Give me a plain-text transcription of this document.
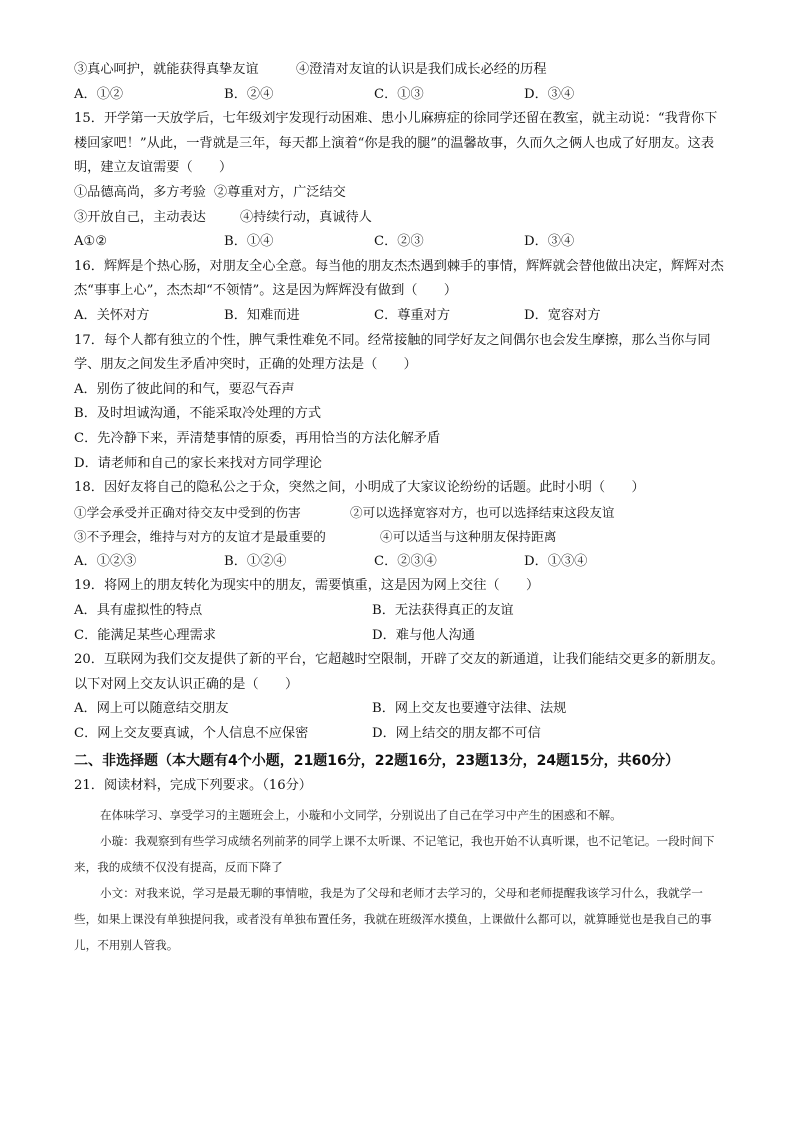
③真心呵护，就能获得真挚友谊	④澄清对友谊的认识是我们成长必经的历程
A．①②	B．②④	C．①③	D．③④
15．开学第一天放学后，七年级刘宇发现行动困难、患小儿麻痹症的徐同学还留在教室，就主动说：“我背你下楼回家吧！”从此，一背就是三年，每天都上演着“你是我的腿”的温馨故事，久而久之俩人也成了好朋友。这表明，建立友谊需要（　　）
①品德高尚，多方考验 ②尊重对方，广泛结交
③开放自己，主动表达	④持续行动，真诚待人
A①②	B．①④	C．②③	D．③④
16．辉辉是个热心肠，对朋友全心全意。每当他的朋友杰杰遇到棘手的事情，辉辉就会替他做出决定，辉辉对杰杰“事事上心”，杰杰却“不领情”。这是因为辉辉没有做到（　　）
A．关怀对方	B．知难而进	C．尊重对方	D．宽容对方
17．每个人都有独立的个性，脾气秉性难免不同。经常接触的同学好友之间偶尔也会发生摩擦，那么当你与同学、朋友之间发生矛盾冲突时，正确的处理方法是（　　）
A．别伤了彼此间的和气，要忍气吞声
B．及时坦诚沟通，不能采取冷处理的方式
C．先冷静下来，弄清楚事情的原委，再用恰当的方法化解矛盾
D．请老师和自己的家长来找对方同学理论
18．因好友将自己的隐私公之于众，突然之间，小明成了大家议论纷纷的话题。此时小明（　　）
①学会承受并正确对待交友中受到的伤害	②可以选择宽容对方，也可以选择结束这段友谊
③不予理会，维持与对方的友谊才是最重要的	④可以适当与这种朋友保持距离
A．①②③	B．①②④	C．②③④	D．①③④
19．将网上的朋友转化为现实中的朋友，需要慎重，这是因为网上交往（　　）
A．具有虚拟性的特点	B．无法获得真正的友谊
C．能满足某些心理需求	D．难与他人沟通
20．互联网为我们交友提供了新的平台，它超越时空限制，开辟了交友的新通道，让我们能结交更多的新朋友。以下对网上交友认识正确的是（　　）
A．网上可以随意结交朋友	B．网上交友也要遵守法律、法规
C．网上交友要真诚，个人信息不应保密	D．网上结交的朋友都不可信
二、非选择题（本大题有4个小题，21题16分，22题16分，23题13分，24题15分，共60分）
21．阅读材料，完成下列要求。（16分）

在体味学习、享受学习的主题班会上，小璇和小文同学，分别说出了自己在学习中产生的困惑和不解。

小璇：我观察到有些学习成绩名列前茅的同学上课不太听课、不记笔记，我也开始不认真听课，也不记笔记。一段时间下来，我的成绩不仅没有提高，反而下降了

小文：对我来说，学习是最无聊的事情啦，我是为了父母和老师才去学习的，父母和老师提醒我该学习什么，我就学一些，如果上课没有单独提问我，或者没有单独布置任务，我就在班级浑水摸鱼，上课做什么都可以，就算睡觉也是我自己的事儿，不用别人管我。
